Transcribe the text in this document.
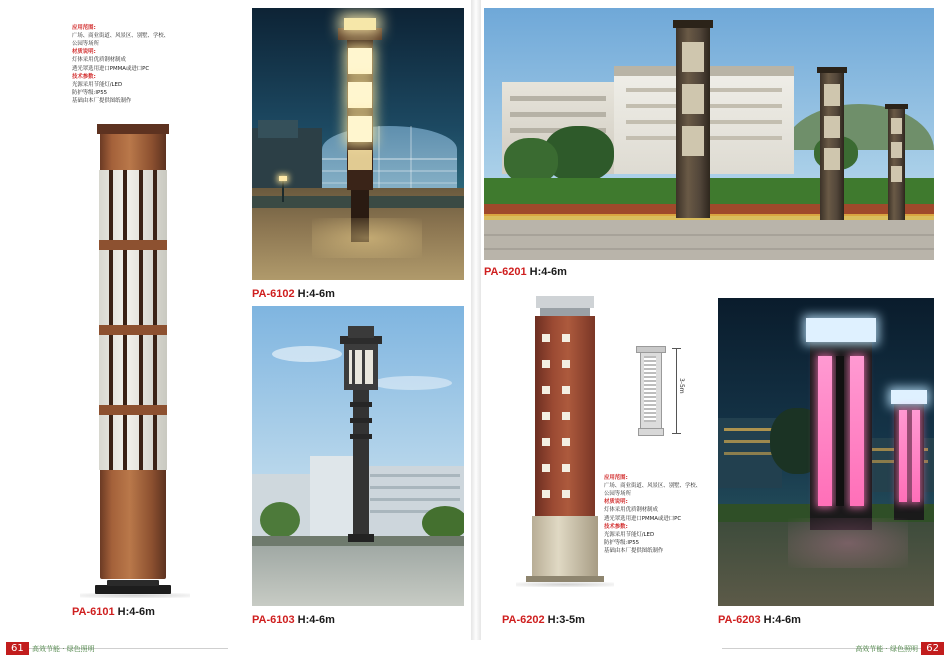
应用范围:
广场、商业街道、风景区、别墅、学校、公园等场所
材质说明:
灯体采用优质钢材制成
透光罩选用进口PMMA或进口PC
技术参数:
光源采用节能灯/LED
防护等级:IP55
基础由本厂提供图纸制作
PA-6101 H:4-6m
PA-6102 H:4-6m
PA-6103 H:4-6m
61	高效节能 · 绿色照明
PA-6201 H:4-6m
PA-6202 H:3-5m
3-5m
应用范围:
广场、商业街道、风景区、别墅、学校、公园等场所
材质说明:
灯体采用优质钢材制成
透光罩选用进口PMMA或进口PC
技术参数:
光源采用节能灯/LED
防护等级:IP55
基础由本厂提供图纸制作
PA-6203 H:4-6m
62
高效节能 · 绿色照明
